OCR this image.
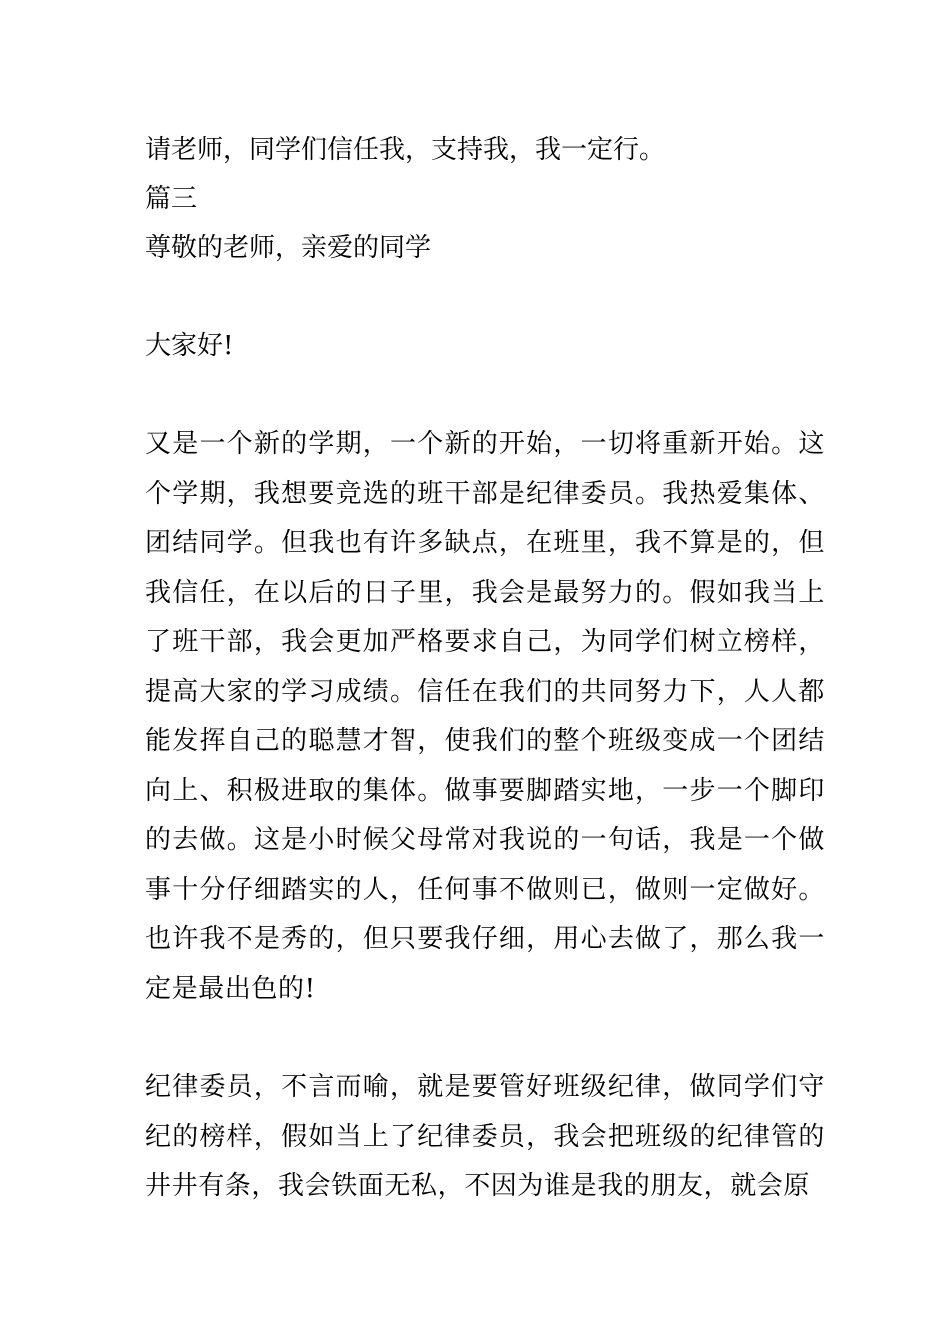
请老师，同学们信任我，支持我，我一定行。
篇三
尊敬的老师，亲爱的同学
大家好!
又是一个新的学期，一个新的开始，一切将重新开始。这个学期，我想要竞选的班干部是纪律委员。我热爱集体、团结同学。但我也有许多缺点，在班里，我不算是的，但我信任，在以后的日子里，我会是最努力的。假如我当上了班干部，我会更加严格要求自己，为同学们树立榜样，提高大家的学习成绩。信任在我们的共同努力下，人人都能发挥自己的聪慧才智，使我们的整个班级变成一个团结向上、积极进取的集体。做事要脚踏实地，一步一个脚印的去做。这是小时候父母常对我说的一句话，我是一个做事十分仔细踏实的人，任何事不做则已，做则一定做好。也许我不是秀的，但只要我仔细，用心去做了，那么我一定是最出色的!
纪律委员，不言而喻，就是要管好班级纪律，做同学们守纪的榜样，假如当上了纪律委员，我会把班级的纪律管的井井有条，我会铁面无私，不因为谁是我的朋友，就会原
